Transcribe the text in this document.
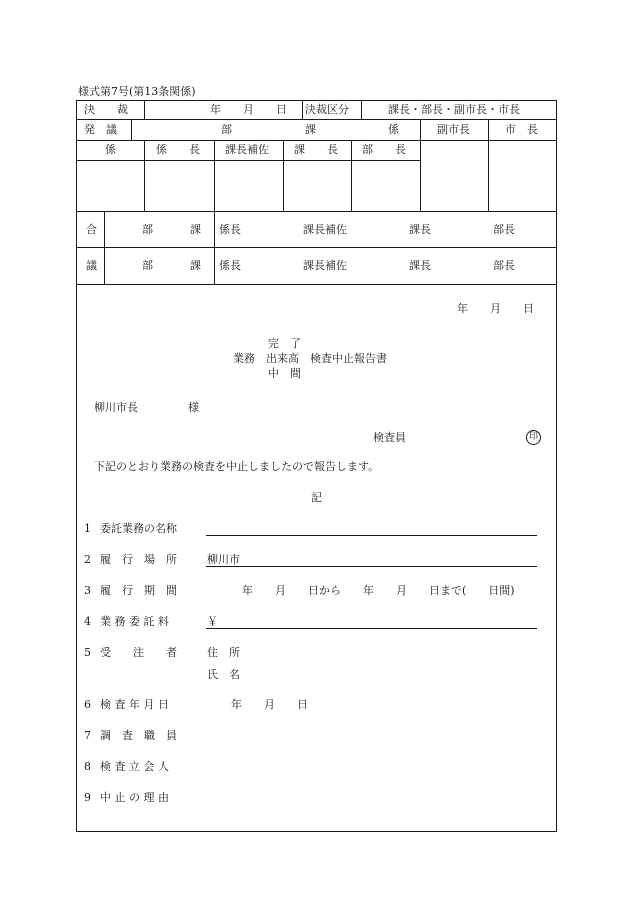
様式第7号(第13条関係)
決　　裁	年　　月　　日 決裁区分	課長・部長・副市長・市長
発　議	部	課	係	副市長	市　長
係	係　　長 課長補佐 課　　長 部　　長
合
議
部	課 係長	課長補佐	課長	部長
部	課 係長	課長補佐	課長	部長
年　　月　　日
完　了
業務　出来高　検査中止報告書
中　間
柳川市長	様
検査員	印
下記のとおり業務の検査を中止しましたので報告します。
記
1 委託業務の名称
2 履　行　場　所	柳川市
3 履　行　期　間	年　　月　　日から　　年　　月　　日まで(　　日間)
4 業 務 委 託 料	￥
5 受　　注　　者	住　所
氏　名
6 検 査 年 月 日	年　　月　　日
7 調　査　職　員
8 検 査 立 会 人
9 中 止 の 理 由
